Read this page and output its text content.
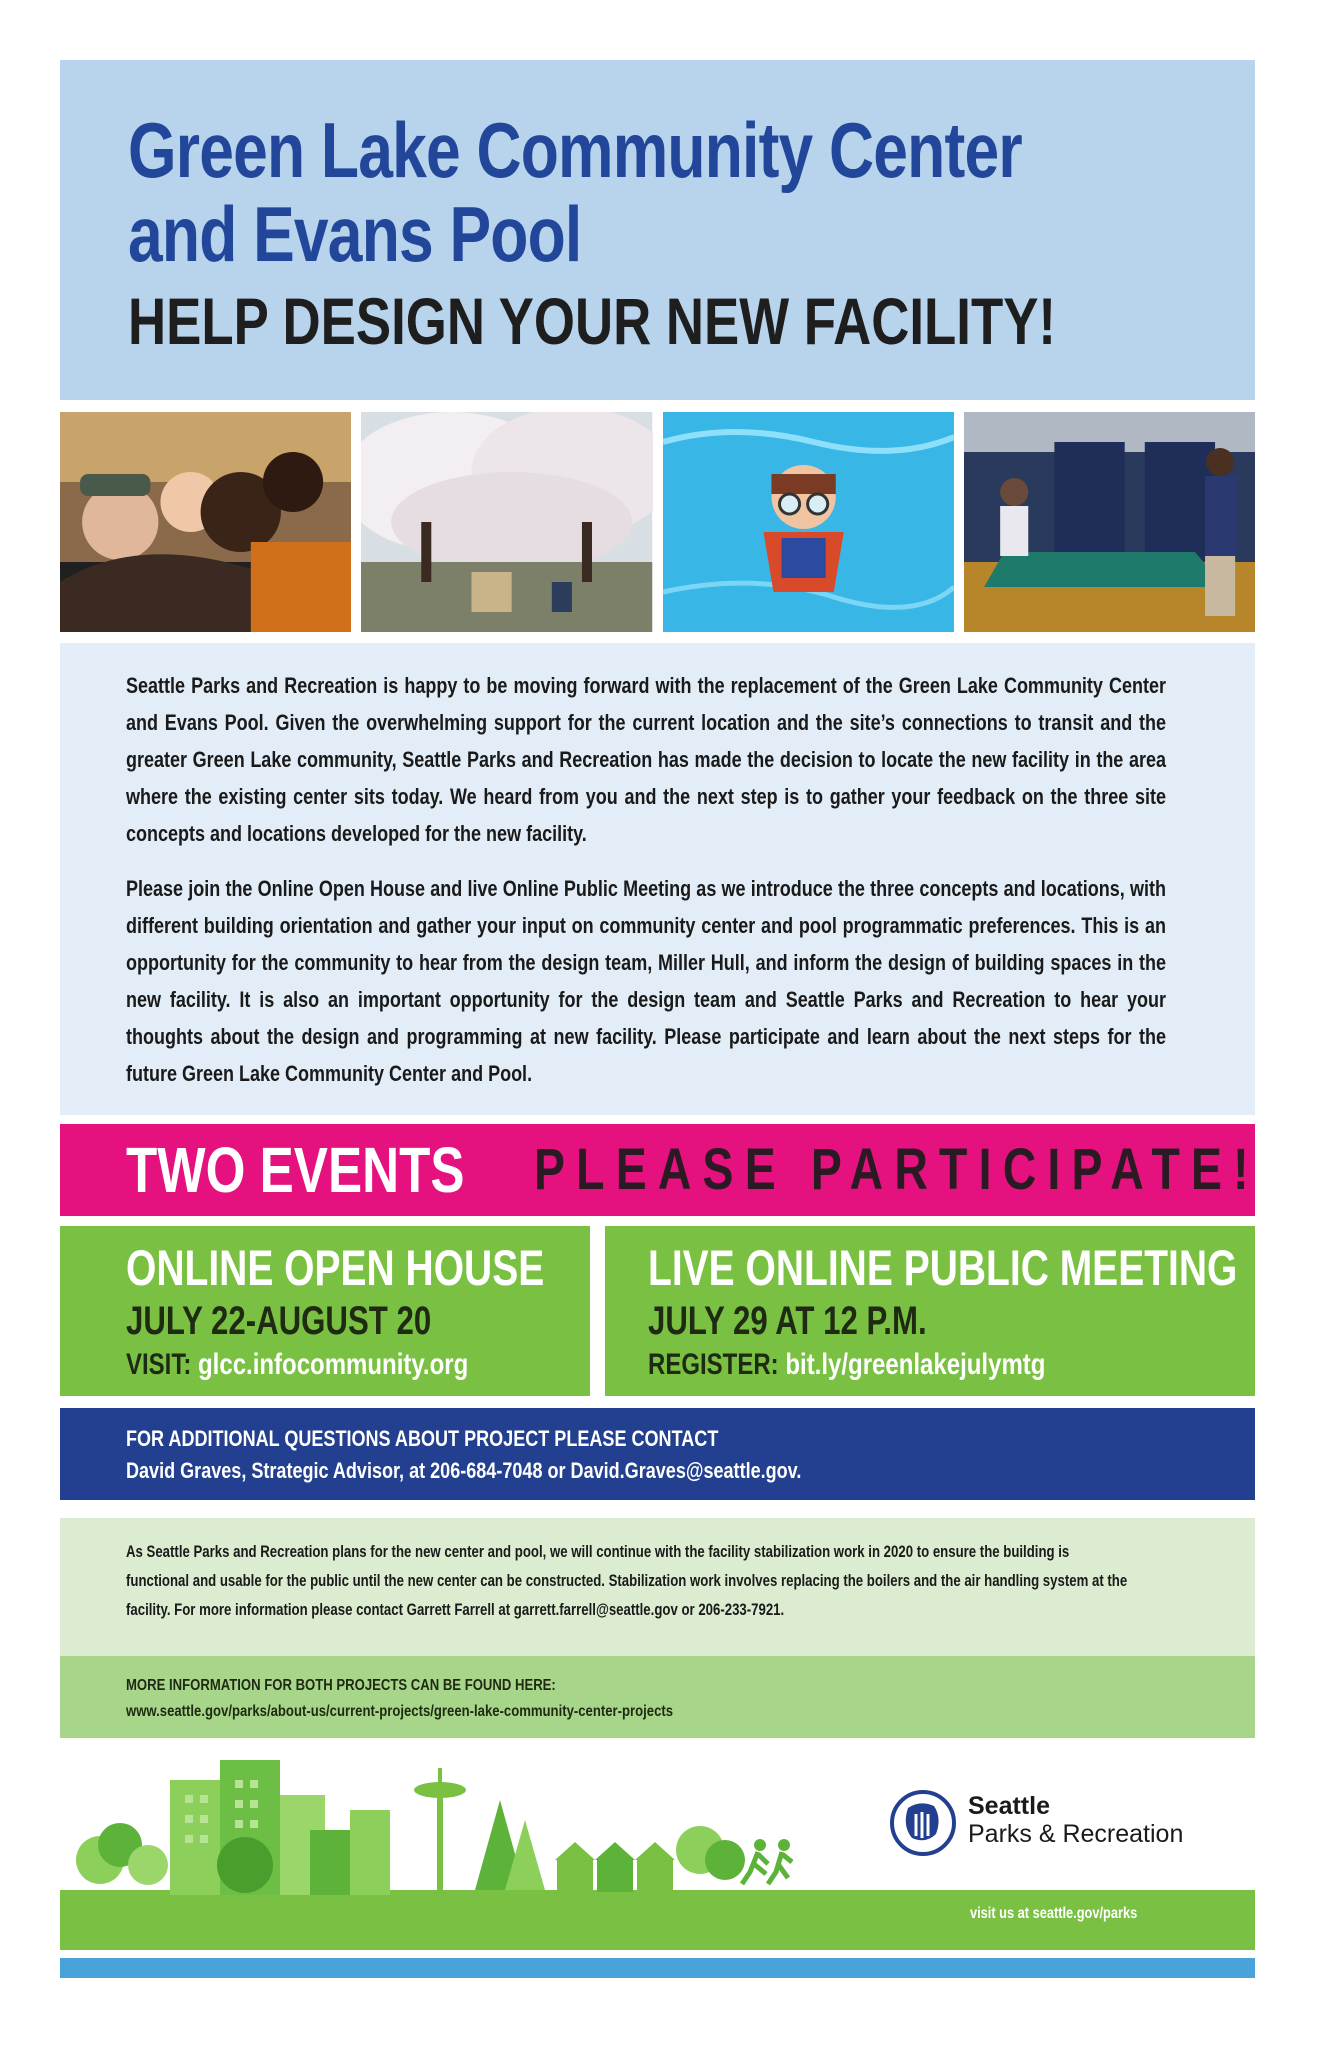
Green Lake Community Center
and Evans Pool
HELP DESIGN YOUR NEW FACILITY!

Seattle Parks and Recreation is happy to be moving forward with the replacement of the Green Lake Community Center and Evans Pool. Given the overwhelming support for the current location and the site’s connections to transit and the greater Green Lake community, Seattle Parks and Recreation has made the decision to locate the new facility in the area where the existing center sits today. We heard from you and the next step is to gather your feedback on the three site concepts and locations developed for the new facility.

Please join the Online Open House and live Online Public Meeting as we introduce the three concepts and locations, with different building orientation and gather your input on community center and pool programmatic preferences. This is an opportunity for the community to hear from the design team, Miller Hull, and inform the design of building spaces in the new facility. It is also an important opportunity for the design team and Seattle Parks and Recreation to hear your thoughts about the design and programming at new facility. Please participate and learn about the next steps for the future Green Lake Community Center and Pool.

TWO EVENTS PLEASE PARTICIPATE!
ONLINE OPEN HOUSE
JULY 22-AUGUST 20
VISIT: glcc.infocommunity.org
LIVE ONLINE PUBLIC MEETING
JULY 29 AT 12 P.M.
REGISTER: bit.ly/greenlakejulymtg
FOR ADDITIONAL QUESTIONS ABOUT PROJECT PLEASE CONTACT
David Graves, Strategic Advisor, at 206-684-7048 or David.Graves@seattle.gov.

As Seattle Parks and Recreation plans for the new center and pool, we will continue with the facility stabilization work in 2020 to ensure the building is functional and usable for the public until the new center can be constructed. Stabilization work involves replacing the boilers and the air handling system at the facility. For more information please contact Garrett Farrell at garrett.farrell@seattle.gov or 206-233-7921.

MORE INFORMATION FOR BOTH PROJECTS CAN BE FOUND HERE:
www.seattle.gov/parks/about-us/current-projects/green-lake-community-center-projects
Seattle
Parks & Recreation
visit us at seattle.gov/parks
